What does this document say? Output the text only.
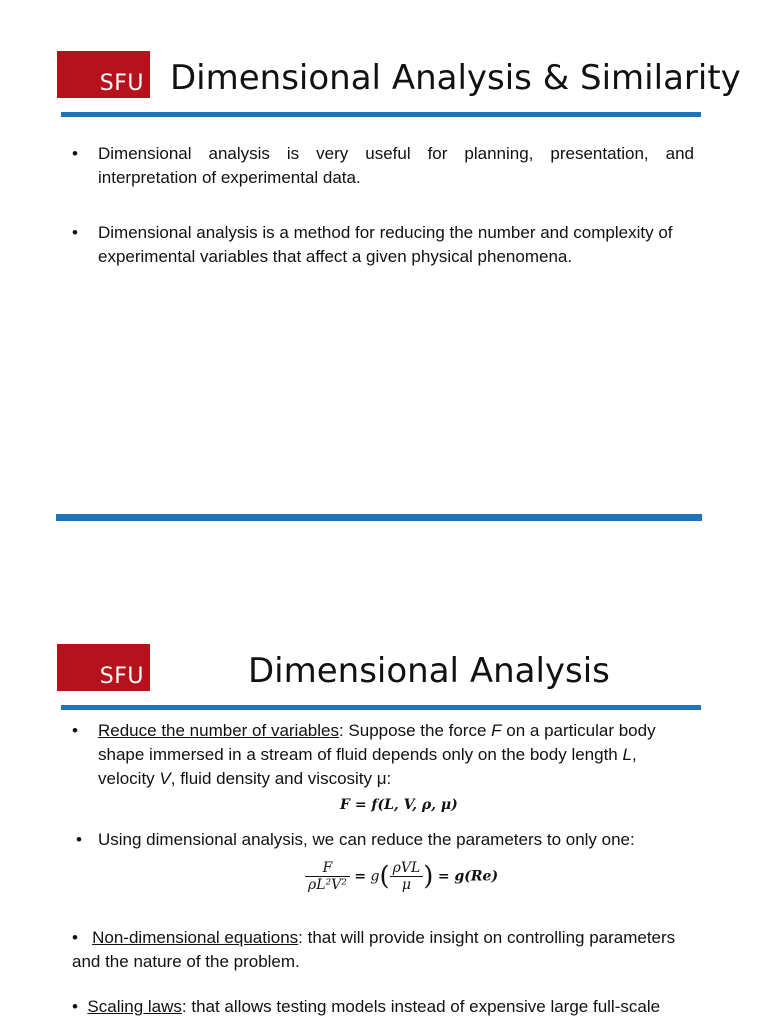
SFU Dimensional Analysis & Similarity
• Dimensional analysis is very useful for planning, presentation, and interpretation of experimental data.
• Dimensional analysis is a method for reducing the number and complexity of experimental variables that affect a given physical phenomena.
SFU	Dimensional Analysis
• Reduce the number of variables: Suppose the force F on a particular body shape immersed in a stream of fluid depends only on the body length L, velocity V, fluid density and viscosity μ:
F = f(L, V, ρ, μ)
• Using dimensional analysis, we can reduce the parameters to only one:
$\frac{F}{\text{ρL²V²}} = g( \frac{\text{ρVL}}{\mu}$ ) = g(Re)
• Non-dimensional equations: that will provide insight on controlling parameters and the nature of the problem.
• Scaling laws: that allows testing models instead of expensive large full-scale
